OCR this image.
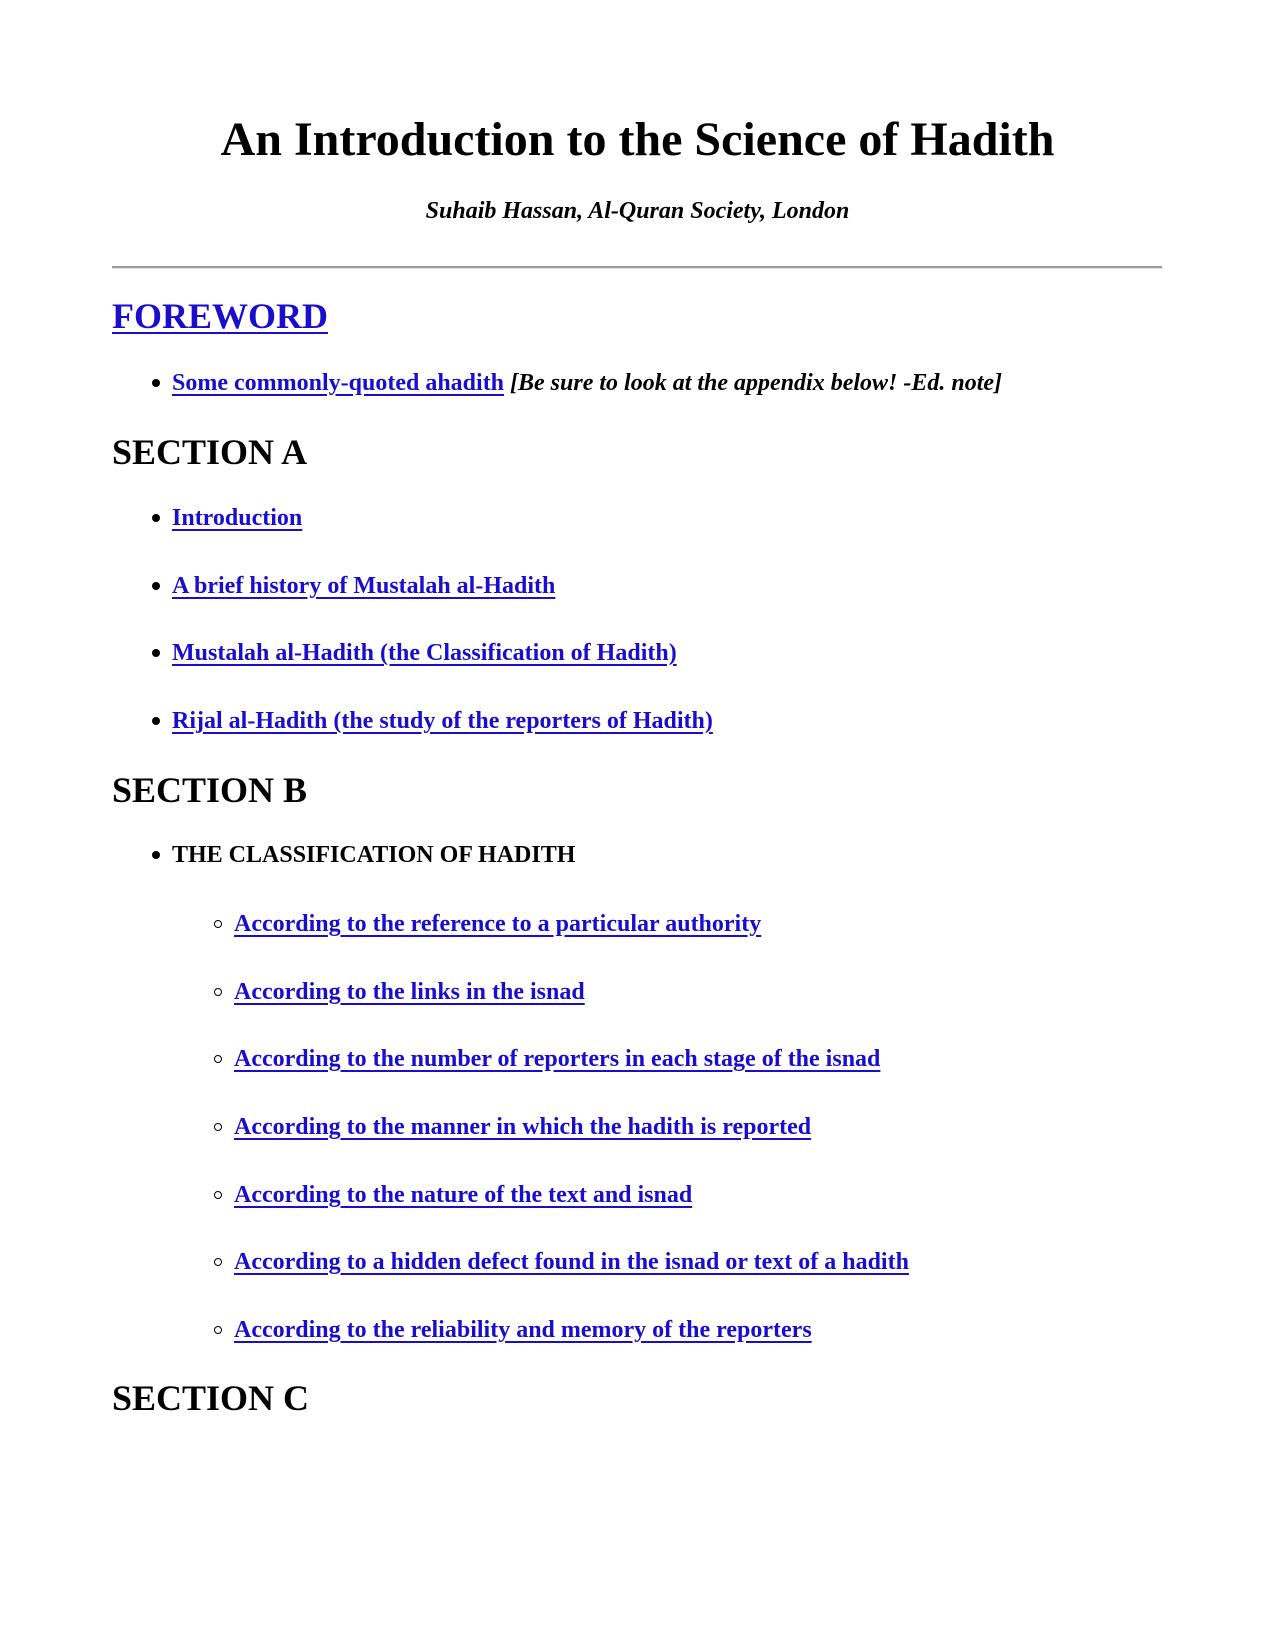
An Introduction to the Science of Hadith

Suhaib Hassan, Al-Quran Society, London

FOREWORD
Some commonly-quoted ahadith [Be sure to look at the appendix below! -Ed. note]
SECTION A
Introduction
A brief history of Mustalah al-Hadith
Mustalah al-Hadith (the Classification of Hadith)
Rijal al-Hadith (the study of the reporters of Hadith)
SECTION B
THE CLASSIFICATION OF HADITH
According to the reference to a particular authority
According to the links in the isnad
According to the number of reporters in each stage of the isnad
According to the manner in which the hadith is reported
According to the nature of the text and isnad
According to a hidden defect found in the isnad or text of a hadith
According to the reliability and memory of the reporters
SECTION C
